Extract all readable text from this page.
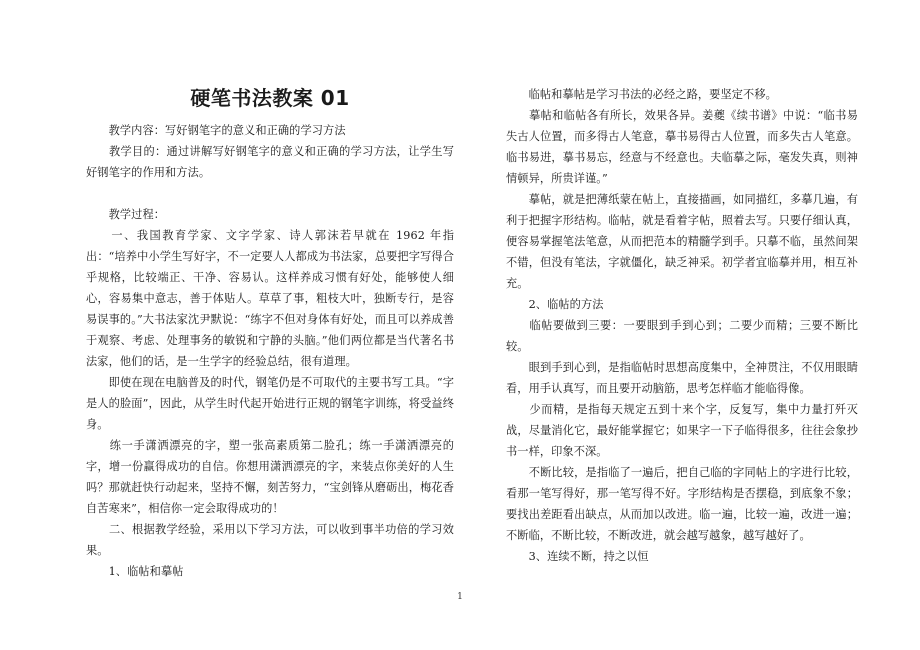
硬笔书法教案 01

　　教学内容：写好钢笔字的意义和正确的学习方法

　　教学目的：通过讲解写好钢笔字的意义和正确的学习方法，让学生写好钢笔字的作用和方法。

　　教学过程：

　　一、我国教育学家、文字学家、诗人郭沫若早就在 1962 年指出：“培养中小学生写好字，不一定要人人都成为书法家，总要把字写得合乎规格，比较端正、干净、容易认。这样养成习惯有好处，能够使人细心，容易集中意志，善于体贴人。草草了事，粗枝大叶，独断专行，是容易误事的。”大书法家沈尹默说：“练字不但对身体有好处，而且可以养成善于观察、考虑、处理事务的敏锐和宁静的头脑。”他们两位都是当代著名书法家，他们的话，是一生学字的经验总结，很有道理。

　　即使在现在电脑普及的时代，钢笔仍是不可取代的主要书写工具。“字是人的脸面”，因此，从学生时代起开始进行正规的钢笔字训练，将受益终身。

　　练一手潇洒漂亮的字，塑一张高素质第二脸孔；练一手潇洒漂亮的字，增一份赢得成功的自信。你想用潇洒漂亮的字，来装点你美好的人生吗？那就赶快行动起来，坚持不懈，刻苦努力，“宝剑锋从磨砺出，梅花香自苦寒来”，相信你一定会取得成功的！

　　二、根据教学经验，采用以下学习方法，可以收到事半功倍的学习效果。

　　1、临帖和摹帖

　　临帖和摹帖是学习书法的必经之路，要坚定不移。

　　摹帖和临帖各有所长，效果各异。姜夔《续书谱》中说：“临书易失古人位置，而多得古人笔意，摹书易得古人位置，而多失古人笔意。临书易进，摹书易忘，经意与不经意也。夫临摹之际，毫发失真，则神情顿异，所贵详谨。”

　　摹帖，就是把薄纸蒙在帖上，直接描画，如同描红，多摹几遍，有利于把握字形结构。临帖，就是看着字帖，照着去写。只要仔细认真，便容易掌握笔法笔意，从而把范本的精髓学到手。只摹不临，虽然间架不错，但没有笔法，字就僵化，缺乏神采。初学者宜临摹并用，相互补充。

　　2、临帖的方法

　　临帖要做到三要：一要眼到手到心到；二要少而精；三要不断比较。

　　眼到手到心到，是指临帖时思想高度集中，全神贯注，不仅用眼睛看，用手认真写，而且要开动脑筋，思考怎样临才能临得像。

　　少而精，是指每天规定五到十来个字，反复写，集中力量打歼灭战，尽量消化它，最好能掌握它；如果字一下子临得很多，往往会象抄书一样，印象不深。

　　不断比较，是指临了一遍后，把自己临的字同帖上的字进行比较，看那一笔写得好，那一笔写得不好。字形结构是否摆稳，到底象不象；要找出差距看出缺点，从而加以改进。临一遍，比较一遍，改进一遍；不断临，不断比较，不断改进，就会越写越象，越写越好了。

　　3、连续不断，持之以恒

1
